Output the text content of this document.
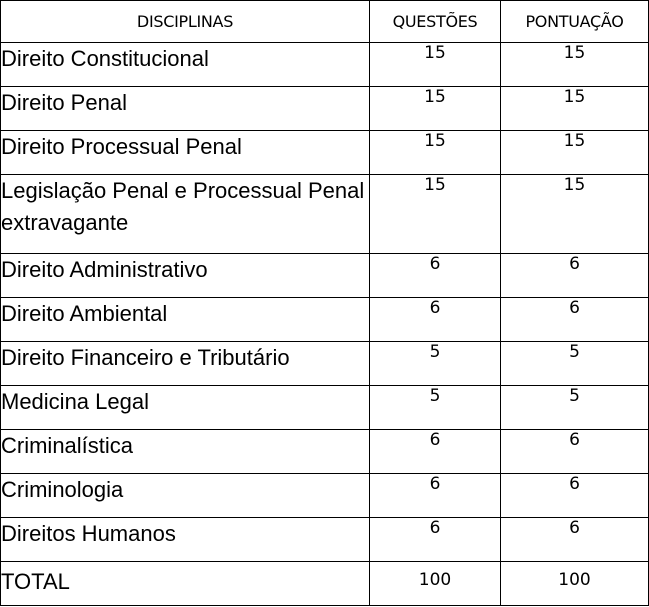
DISCIPLINAS	QUESTÕES	PONTUAÇÃO
Direito Constitucional	15	15
Direito Penal	15	15
Direito Processual Penal	15	15
Legislação Penal e Processual Penal extravagante	15	15
Direito Administrativo	6	6
Direito Ambiental	6	6
Direito Financeiro e Tributário	5	5
Medicina Legal	5	5
Criminalística	6	6
Criminologia	6	6
Direitos Humanos	6	6
TOTAL	100	100
